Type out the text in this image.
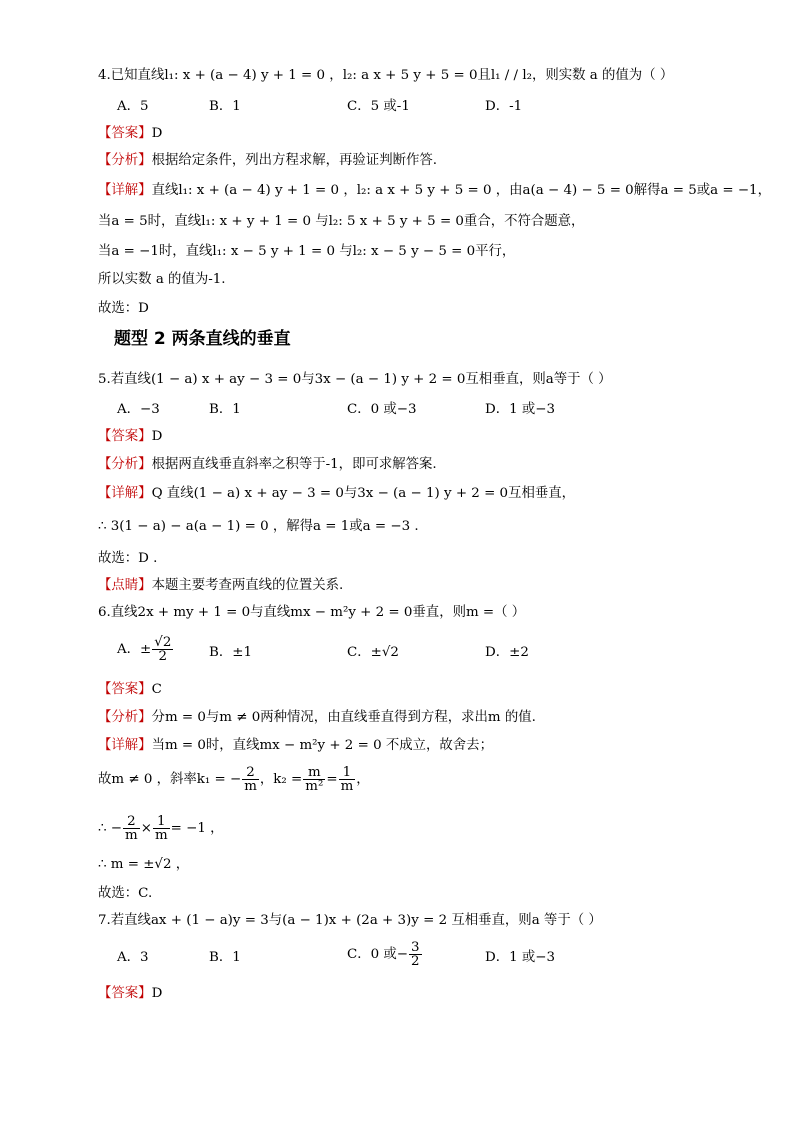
4.已知直线l₁: x + (a − 4) y + 1 = 0 ，l₂: a x + 5 y + 5 = 0且l₁ / / l₂，则实数 a 的值为（ ）
A．5	B．1	C．5 或-1	D．-1
【答案】D
【分析】根据给定条件，列出方程求解，再验证判断作答.
【详解】直线l₁: x + (a − 4) y + 1 = 0 ，l₂: a x + 5 y + 5 = 0 ，由a(a − 4) − 5 = 0解得a = 5或a = −1，
当a = 5时，直线l₁: x + y + 1 = 0 与l₂: 5 x + 5 y + 5 = 0重合，不符合题意，
当a = −1时，直线l₁: x − 5 y + 1 = 0 与l₂: x − 5 y − 5 = 0平行，
所以实数 a 的值为-1.
故选：D
题型 2 两条直线的垂直
5.若直线(1 − a) x + ay − 3 = 0与3x − (a − 1) y + 2 = 0互相垂直，则a等于（ ）
A．−3	B．1	C．0 或−3	D．1 或−3
【答案】D
【分析】根据两直线垂直斜率之积等于-1，即可求解答案.
【详解】Q 直线(1 − a) x + ay − 3 = 0与3x − (a − 1) y + 2 = 0互相垂直，
∴ 3(1 − a) − a(a − 1) = 0 ，解得a = 1或a = −3 .
故选：D .
【点睛】本题主要考查两直线的位置关系.
6.直线2x + my + 1 = 0与直线mx − m²y + 2 = 0垂直，则m =（ ）
A．± $\frac{√2}{2}$	B．±1	C．±√2	D．±2
【答案】C
【分析】分m = 0与m ≠ 0两种情况，由直线垂直得到方程，求出m 的值.
【详解】当m = 0时，直线mx − m²y + 2 = 0 不成立，故舍去；
故m ≠ 0 ，斜率k₁ = − $\frac{2}{m}$ ，$k_2 = \frac{m}{\text{m²}} = \frac{1}{m}$ ，
∴ − $\frac{2}{m} \times \frac{1}{m} = -1$ ，
∴ m = ±√2 ，
故选：C.
7.若直线ax + (1 − a)y = 3与(a − 1)x + (2a + 3)y = 2 互相垂直，则a 等于（ ）
A．3	B．1	C．0 或− $\frac{3}{2}$	D．1 或−3
【答案】D
